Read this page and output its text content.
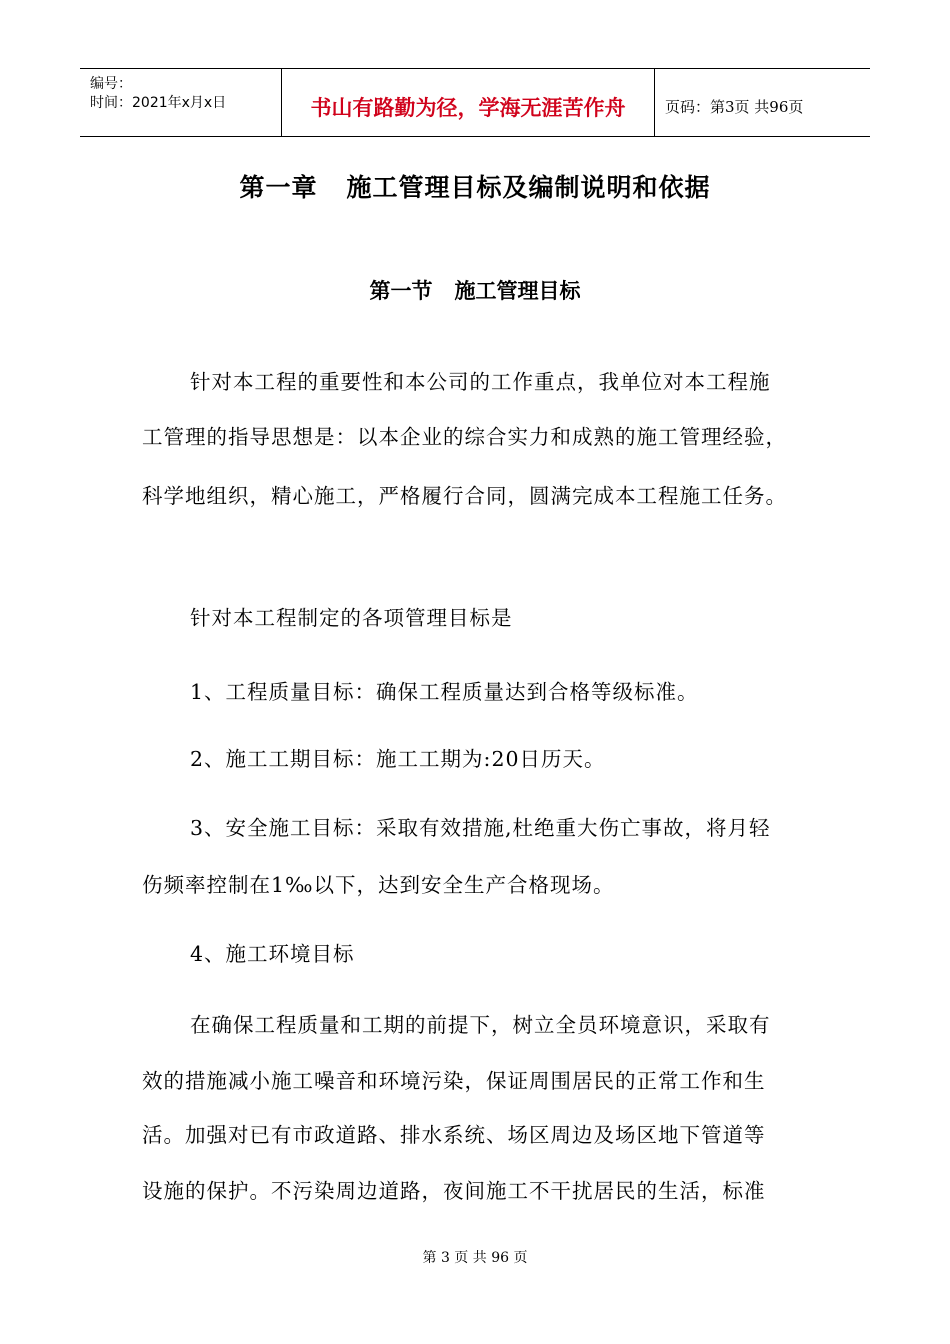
编号：
时间：2021年x月x日	书山有路勤为径，学海无涯苦作舟	页码：第3页 共96页
第一章   施工管理目标及编制说明和依据
第一节   施工管理目标
针对本工程的重要性和本公司的工作重点，我单位对本工程施
工管理的指导思想是：以本企业的综合实力和成熟的施工管理经验，
科学地组织，精心施工，严格履行合同，圆满完成本工程施工任务。
针对本工程制定的各项管理目标是
1、工程质量目标：确保工程质量达到合格等级标准。
2、施工工期目标：施工工期为:20日历天。
3、安全施工目标：采取有效措施,杜绝重大伤亡事故，将月轻
伤频率控制在1‰以下，达到安全生产合格现场。
4、施工环境目标
在确保工程质量和工期的前提下，树立全员环境意识，采取有
效的措施减小施工噪音和环境污染，保证周围居民的正常工作和生
活。加强对已有市政道路、排水系统、场区周边及场区地下管道等
设施的保护。不污染周边道路，夜间施工不干扰居民的生活，标准
第 3 页 共 96 页
